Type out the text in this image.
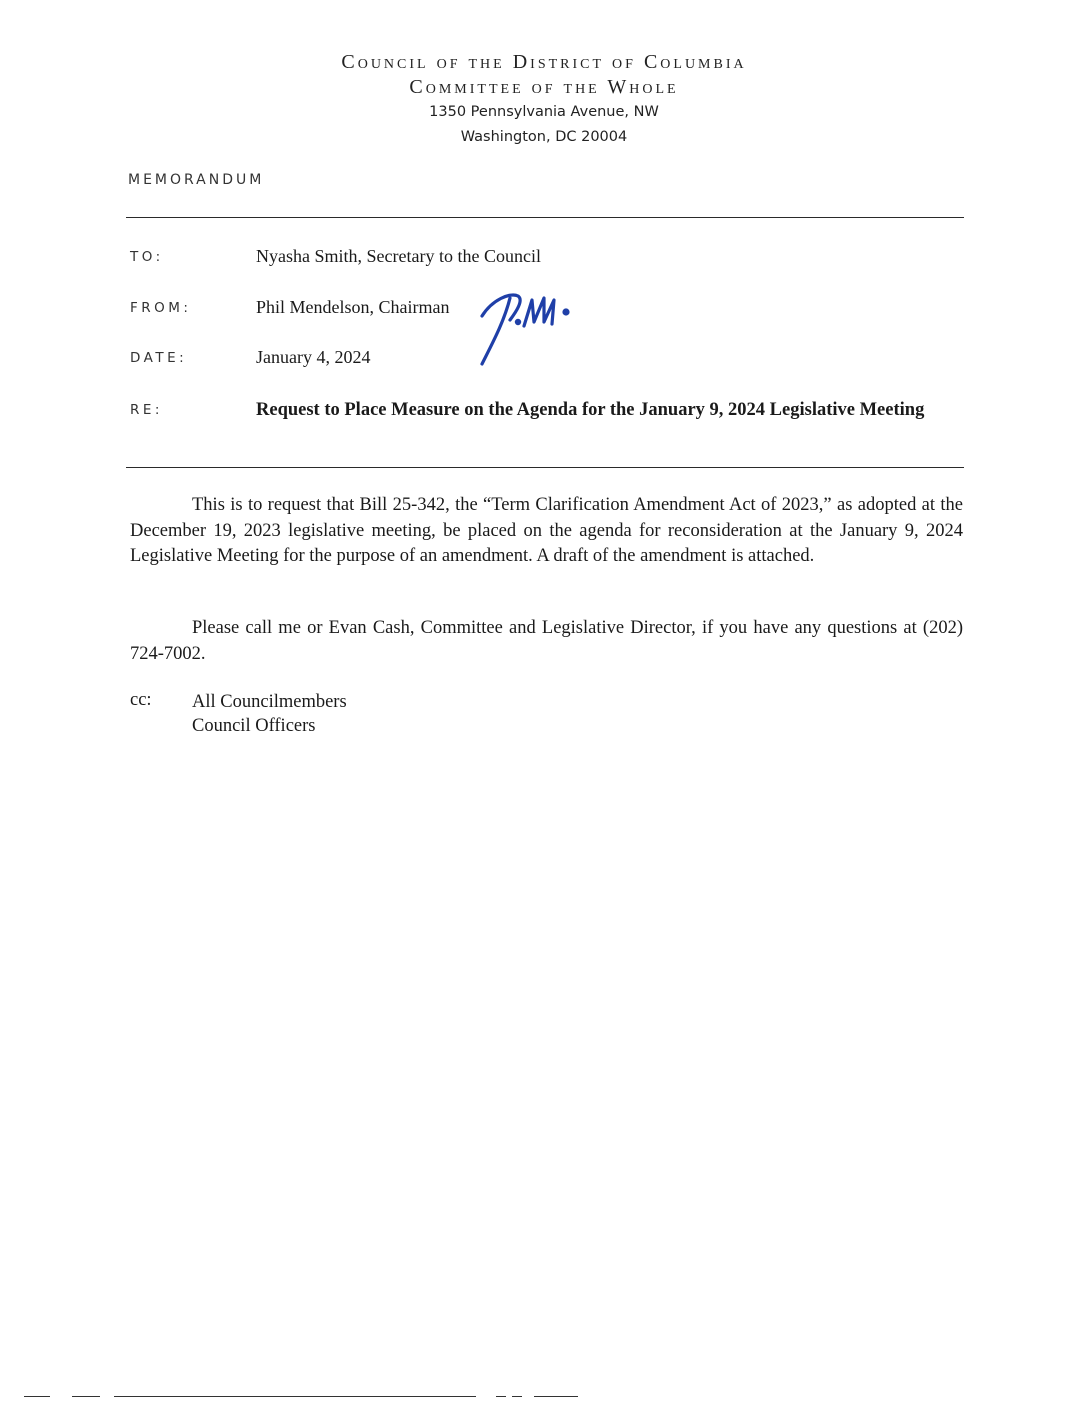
Council of the District of Columbia
Committee of the Whole
1350 Pennsylvania Avenue, NW
Washington, DC 20004
MEMORANDUM
TO:	Nyasha Smith, Secretary to the Council
FROM:	Phil Mendelson, Chairman
DATE:	January 4, 2024
RE:	Request to Place Measure on the Agenda for the January 9, 2024 Legislative Meeting
This is to request that Bill 25-342, the “Term Clarification Amendment Act of 2023,” as adopted at the December 19, 2023 legislative meeting, be placed on the agenda for reconsideration at the January 9, 2024 Legislative Meeting for the purpose of an amendment. A draft of the amendment is attached.
Please call me or Evan Cash, Committee and Legislative Director, if you have any questions at (202) 724-7002.
cc: All Councilmembers
Council Officers
